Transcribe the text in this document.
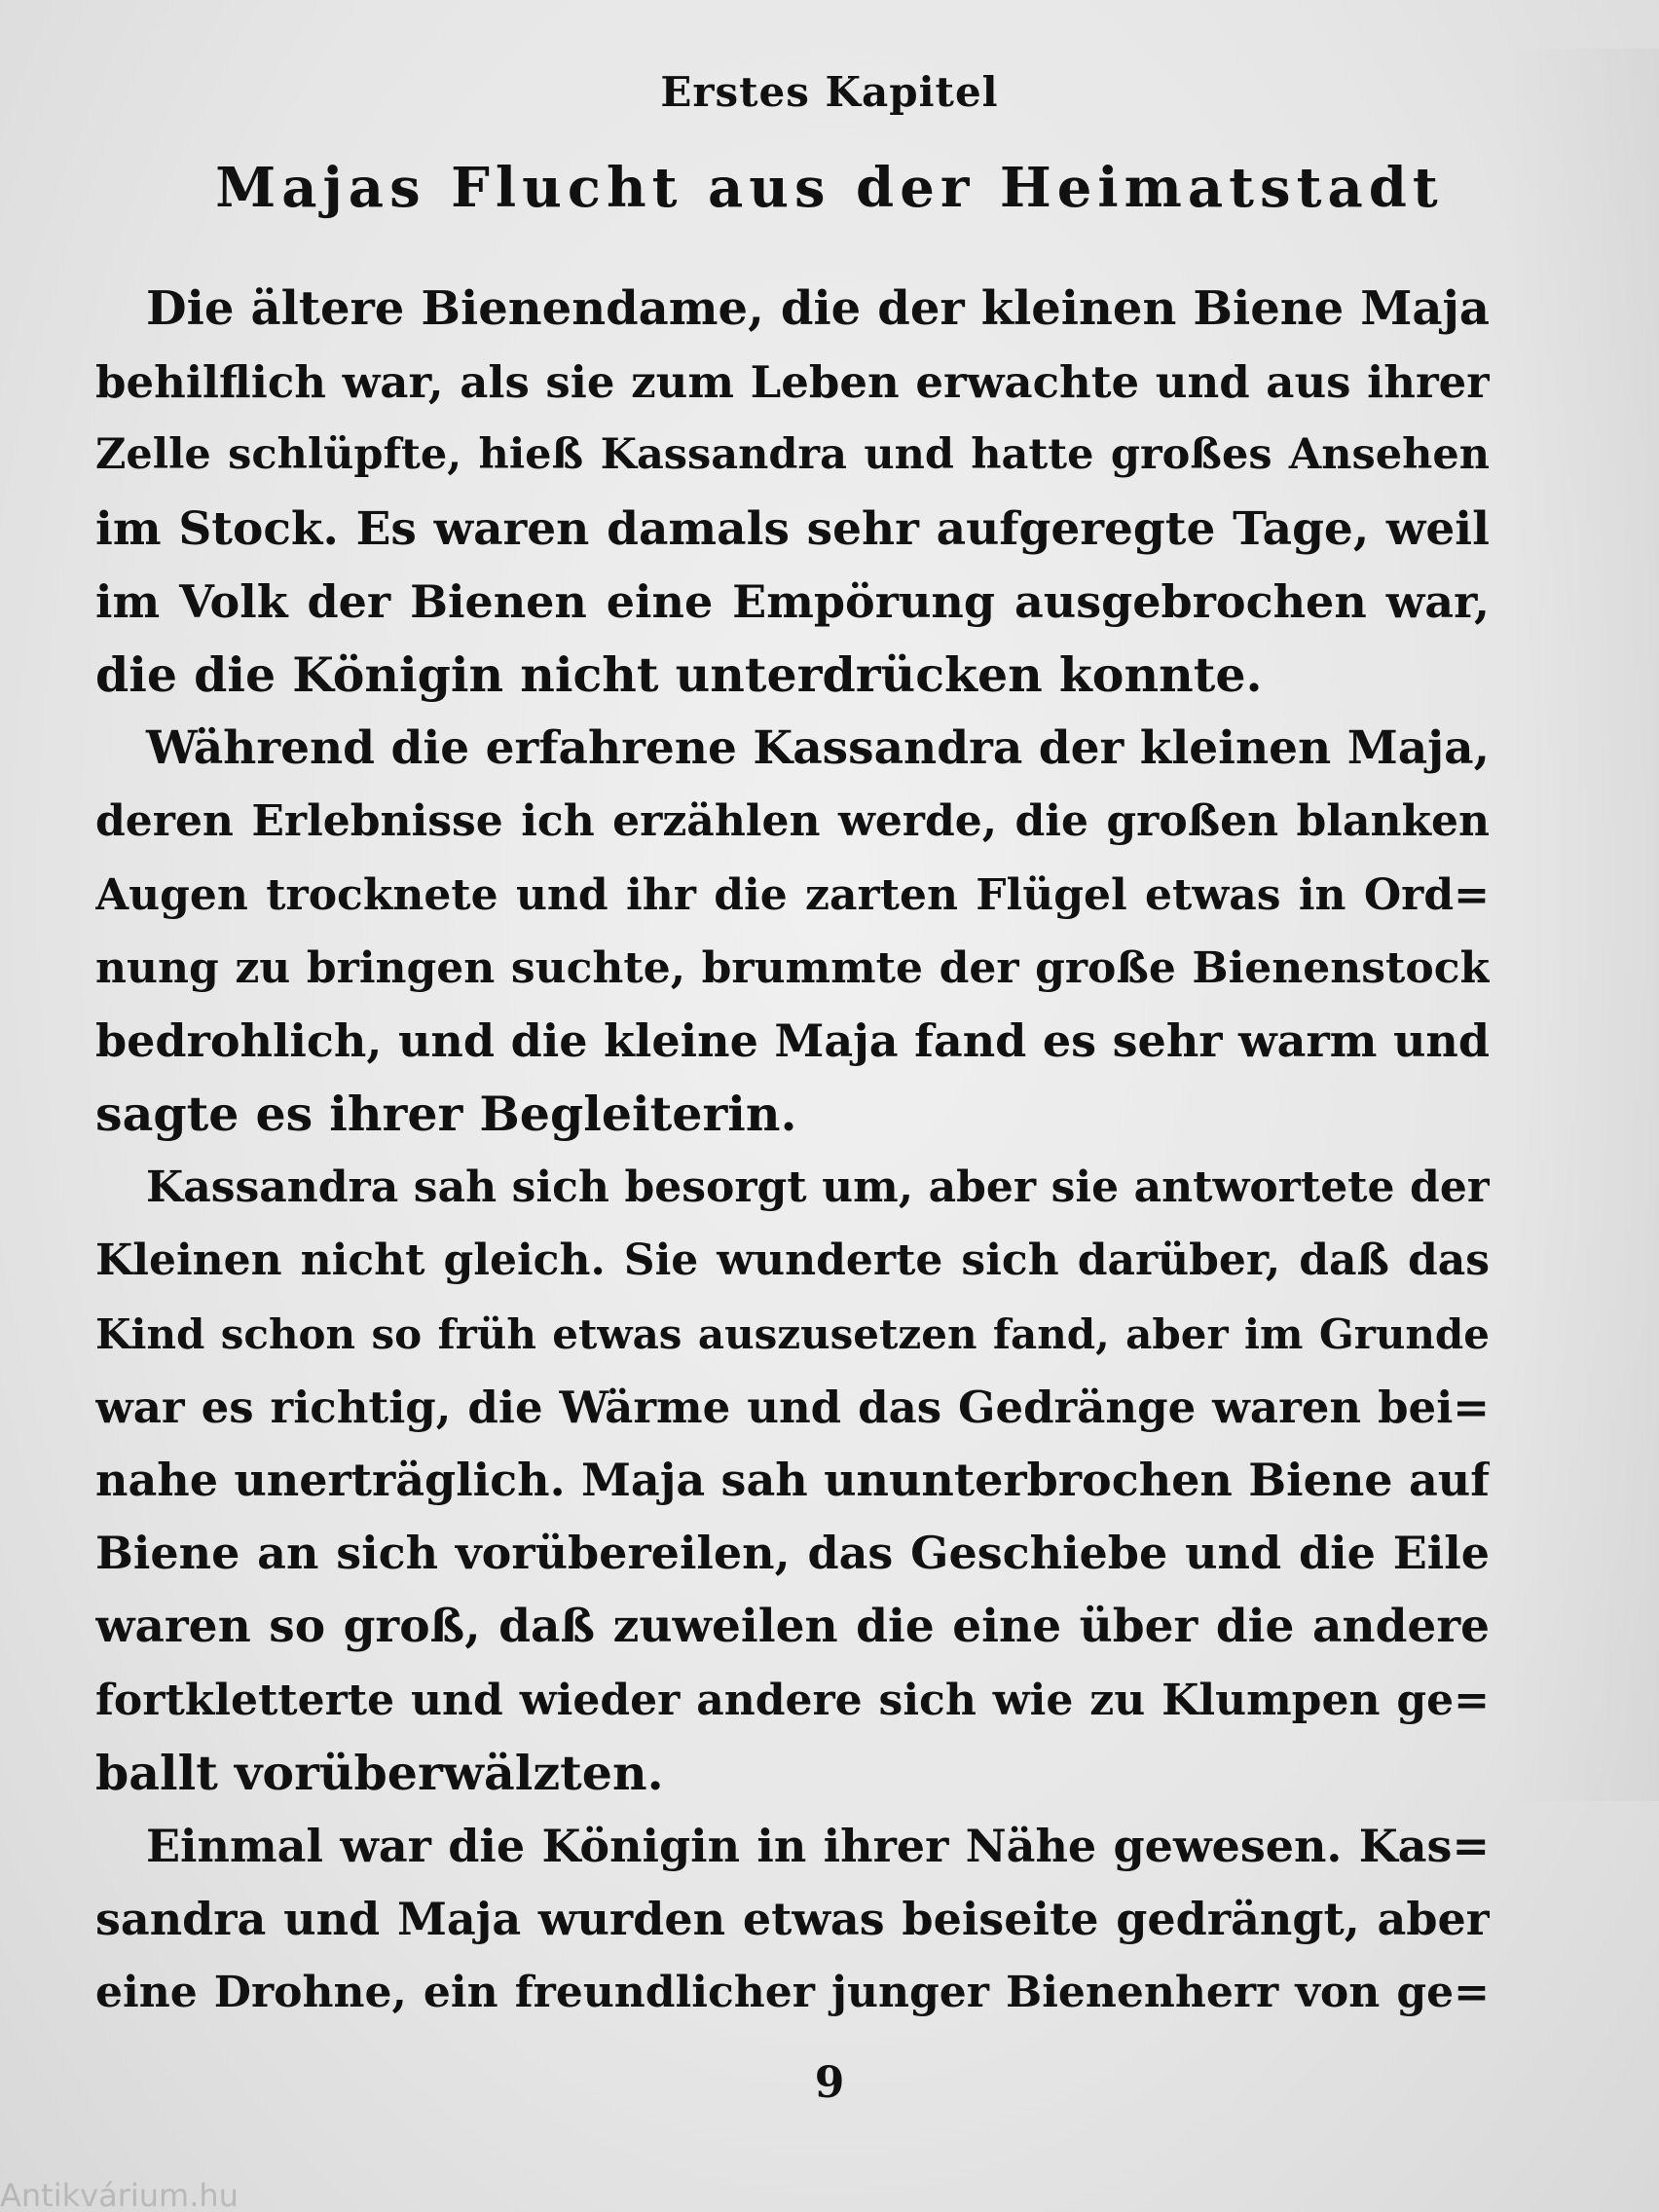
Erstes Kapitel
Majas Flucht aus der Heimatstadt
Die ältere Bienendame, die der kleinen Biene Maja
behilflich war, als sie zum Leben erwachte und aus ihrer
Zelle schlüpfte, hieß Kassandra und hatte großes Ansehen
im Stock. Es waren damals sehr aufgeregte Tage, weil
im Volk der Bienen eine Empörung ausgebrochen war,
die die Königin nicht unterdrücken konnte.
Während die erfahrene Kassandra der kleinen Maja,
deren Erlebnisse ich erzählen werde, die großen blanken
Augen trocknete und ihr die zarten Flügel etwas in Ord=
nung zu bringen suchte, brummte der große Bienenstock
bedrohlich, und die kleine Maja fand es sehr warm und
sagte es ihrer Begleiterin.
Kassandra sah sich besorgt um, aber sie antwortete der
Kleinen nicht gleich. Sie wunderte sich darüber, daß das
Kind schon so früh etwas auszusetzen fand, aber im Grunde
war es richtig, die Wärme und das Gedränge waren bei=
nahe unerträglich. Maja sah ununterbrochen Biene auf
Biene an sich vorübereilen, das Geschiebe und die Eile
waren so groß, daß zuweilen die eine über die andere
fortkletterte und wieder andere sich wie zu Klumpen ge=
ballt vorüberwälzten.
Einmal war die Königin in ihrer Nähe gewesen. Kas=
sandra und Maja wurden etwas beiseite gedrängt, aber
eine Drohne, ein freundlicher junger Bienenherr von ge=
9
Antikvárium.hu
